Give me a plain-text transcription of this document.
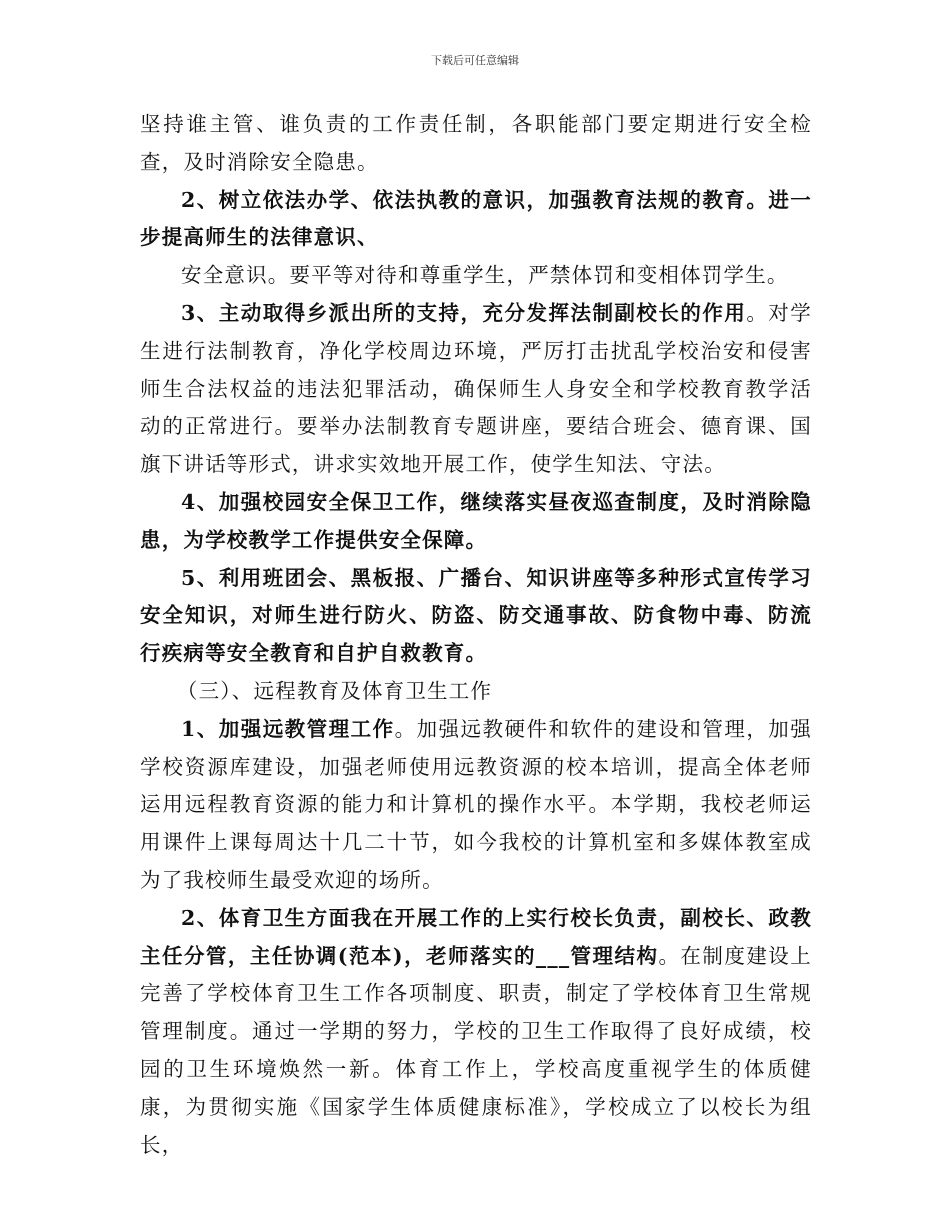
下载后可任意编辑

坚持谁主管、谁负责的工作责任制，各职能部门要定期进行安全检查，及时消除安全隐患。

2、树立依法办学、依法执教的意识，加强教育法规的教育。进一步提高师生的法律意识、

安全意识。要平等对待和尊重学生，严禁体罚和变相体罚学生。

3、主动取得乡派出所的支持，充分发挥法制副校长的作用。对学生进行法制教育，净化学校周边环境，严厉打击扰乱学校治安和侵害师生合法权益的违法犯罪活动，确保师生人身安全和学校教育教学活动的正常进行。要举办法制教育专题讲座，要结合班会、德育课、国旗下讲话等形式，讲求实效地开展工作，使学生知法、守法。

4、加强校园安全保卫工作，继续落实昼夜巡查制度，及时消除隐患，为学校教学工作提供安全保障。

5、利用班团会、黑板报、广播台、知识讲座等多种形式宣传学习安全知识，对师生进行防火、防盗、防交通事故、防食物中毒、防流行疾病等安全教育和自护自救教育。

（三）、远程教育及体育卫生工作

1、加强远教管理工作。加强远教硬件和软件的建设和管理，加强学校资源库建设，加强老师使用远教资源的校本培训，提高全体老师运用远程教育资源的能力和计算机的操作水平。本学期，我校老师运用课件上课每周达十几二十节，如今我校的计算机室和多媒体教室成为了我校师生最受欢迎的场所。

2、体育卫生方面我在开展工作的上实行校长负责，副校长、政教主任分管，主任协调(范本)，老师落实的___管理结构。在制度建设上完善了学校体育卫生工作各项制度、职责，制定了学校体育卫生常规管理制度。通过一学期的努力，学校的卫生工作取得了良好成绩，校园的卫生环境焕然一新。体育工作上，学校高度重视学生的体质健康，为贯彻实施《国家学生体质健康标准》，学校成立了以校长为组长，
